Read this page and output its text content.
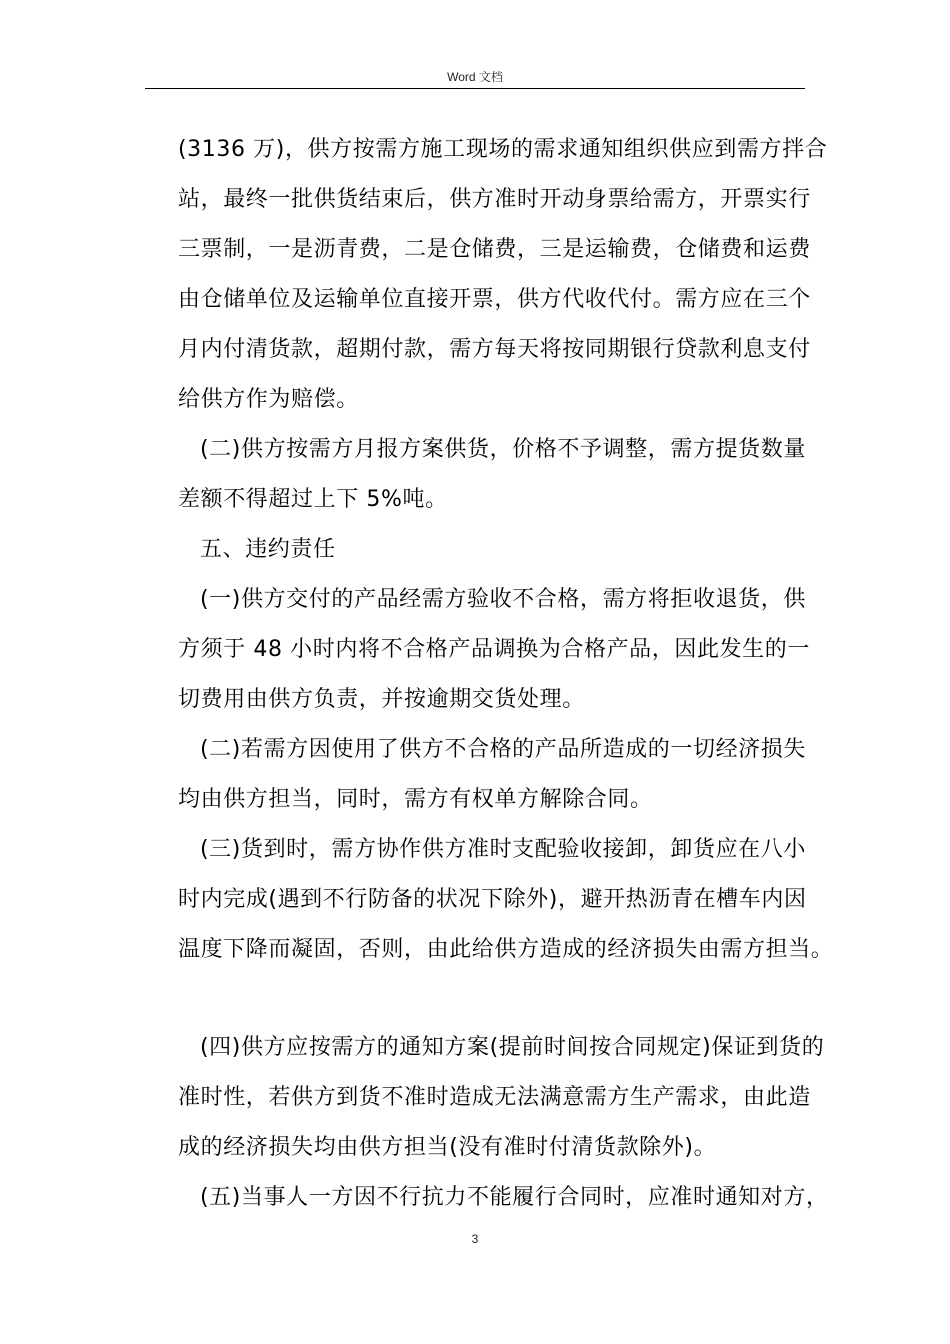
Word 文档
(3136 万)，供方按需方施工现场的需求通知组织供应到需方拌合
站，最终一批供货结束后，供方准时开动身票给需方，开票实行
三票制，一是沥青费，二是仓储费，三是运输费，仓储费和运费
由仓储单位及运输单位直接开票，供方代收代付。需方应在三个
月内付清货款，超期付款，需方每天将按同期银行贷款利息支付
给供方作为赔偿。
(二)供方按需方月报方案供货，价格不予调整，需方提货数量
差额不得超过上下 5%吨。
五、违约责任
(一)供方交付的产品经需方验收不合格，需方将拒收退货，供
方须于 48 小时内将不合格产品调换为合格产品，因此发生的一
切费用由供方负责，并按逾期交货处理。
(二)若需方因使用了供方不合格的产品所造成的一切经济损失
均由供方担当，同时，需方有权单方解除合同。
(三)货到时，需方协作供方准时支配验收接卸，卸货应在八小
时内完成(遇到不行防备的状况下除外)，避开热沥青在槽车内因
温度下降而凝固，否则，由此给供方造成的经济损失由需方担当。
(四)供方应按需方的通知方案(提前时间按合同规定)保证到货的
准时性，若供方到货不准时造成无法满意需方生产需求，由此造
成的经济损失均由供方担当(没有准时付清货款除外)。
(五)当事人一方因不行抗力不能履行合同时，应准时通知对方，
3
